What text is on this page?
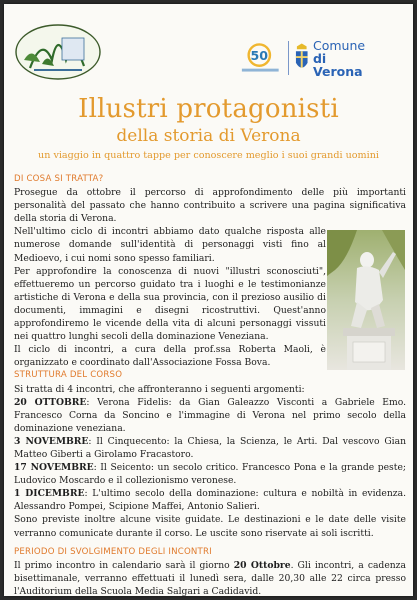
50
Comune
di Verona
Illustri protagonisti
della storia di Verona
un viaggio in quattro tappe per conoscere meglio i suoi grandi uomini
DI COSA SI TRATTA?

Prosegue da ottobre il percorso di approfondimento delle più importanti personalità del passato che hanno contribuito a scrivere una pagina significativa della storia di Verona.

Nell'ultimo ciclo di incontri abbiamo dato qualche risposta alle numerose domande sull'identità di personaggi visti fino al Medioevo, i cui nomi sono spesso familiari.

Per approfondire la conoscenza di nuovi "illustri sconosciuti", effettueremo un percorso guidato tra i luoghi e le testimonianze artistiche di Verona e della sua provincia, con il prezioso ausilio di documenti, immagini e disegni ricostruttivi. Quest'anno approfondiremo le vicende della vita di alcuni personaggi vissuti nei quattro lunghi secoli della dominazione Veneziana.

Il ciclo di incontri, a cura della prof.ssa Roberta Maoli, è organizzato e coordinato dall'Associazione Fossa Bova.

STRUTTURA DEL CORSO

Si tratta di 4 incontri, che affronteranno i seguenti argomenti:

20 OTTOBRE: Verona Fidelis: da Gian Galeazzo Visconti a Gabriele Emo. Francesco Corna da Soncino e l'immagine di Verona nel primo secolo della dominazione veneziana.

3 NOVEMBRE: Il Cinquecento: la Chiesa, la Scienza, le Arti. Dal vescovo Gian Matteo Giberti a Girolamo Fracastoro.

17 NOVEMBRE: Il Seicento: un secolo critico. Francesco Pona e la grande peste; Ludovico Moscardo e il collezionismo veronese.

1 DICEMBRE: L'ultimo secolo della dominazione: cultura e nobiltà in evidenza. Alessandro Pompei, Scipione Maffei, Antonio Salieri.

Sono previste inoltre alcune visite guidate. Le destinazioni e le date delle visite verranno comunicate durante il corso. Le uscite sono riservate ai soli iscritti.

PERIODO DI SVOLGIMENTO DEGLI INCONTRI

Il primo incontro in calendario sarà il giorno 20 Ottobre. Gli incontri, a cadenza bisettimanale, verranno effettuati il lunedì sera, dalle 20,30 alle 22 circa presso l'Auditorium della Scuola Media Salgari a Cadidavid.
